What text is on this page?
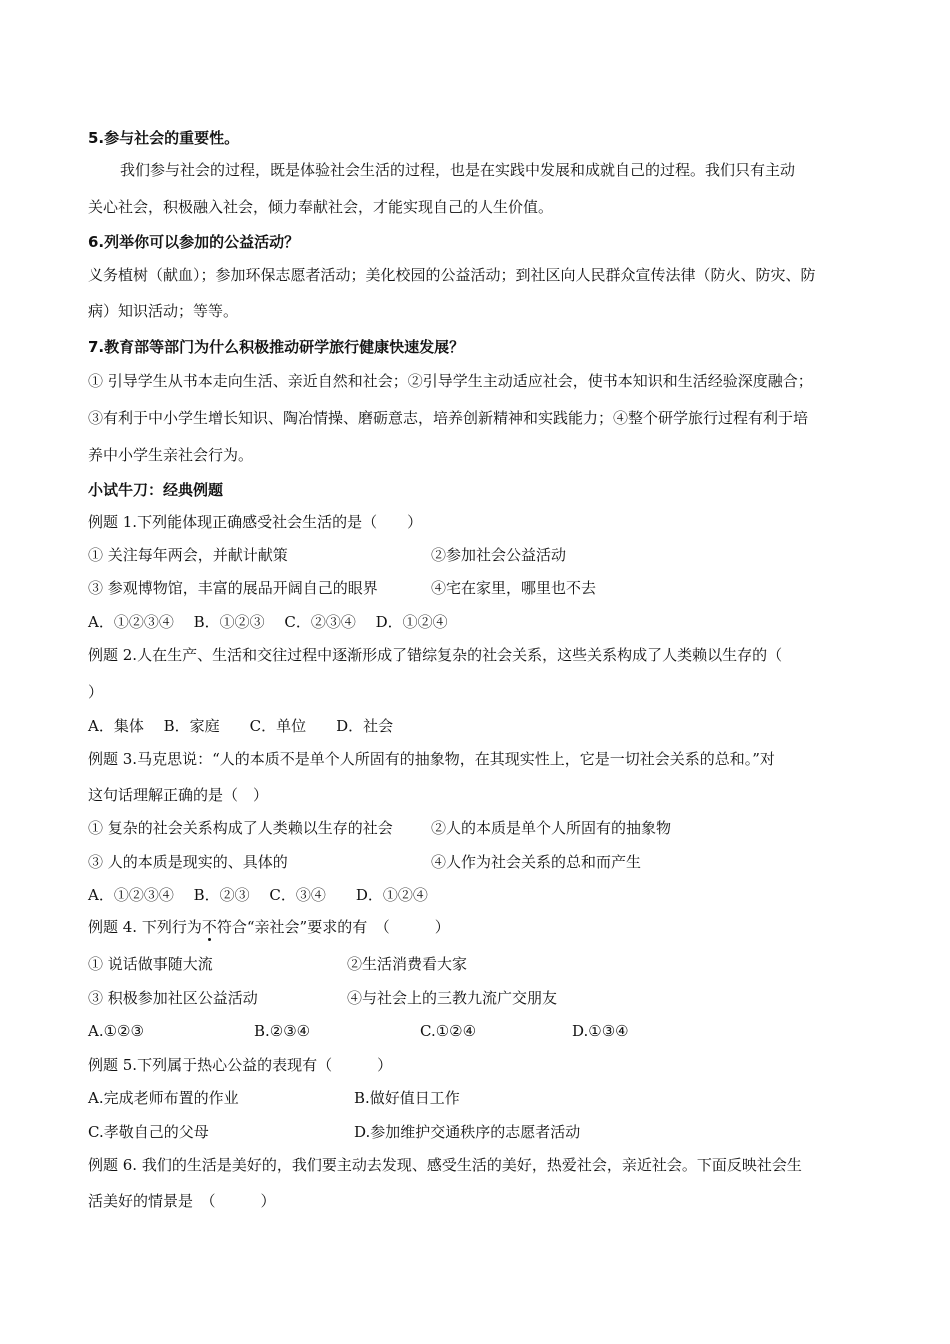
5.参与社会的重要性。
我们参与社会的过程，既是体验社会生活的过程，也是在实践中发展和成就自己的过程。我们只有主动
关心社会，积极融入社会，倾力奉献社会，才能实现自己的人生价值。
6.列举你可以参加的公益活动？
义务植树（献血）；参加环保志愿者活动；美化校园的公益活动；到社区向人民群众宣传法律（防火、防灾、防
病）知识活动；等等。
7.教育部等部门为什么积极推动研学旅行健康快速发展？
① 引导学生从书本走向生活、亲近自然和社会；②引导学生主动适应社会，使书本知识和生活经验深度融合；
③有利于中小学生增长知识、陶冶情操、磨砺意志，培养创新精神和实践能力；④整个研学旅行过程有利于培
养中小学生亲社会行为。
小试牛刀：经典例题
例题 1.下列能体现正确感受社会生活的是（　　）
① 关注每年两会，并献计献策	②参加社会公益活动
③ 参观博物馆，丰富的展品开阔自己的眼界	④宅在家里，哪里也不去
A．①②③④　 B．①②③　 C．②③④　 D．①②④
例题 2.人在生产、生活和交往过程中逐渐形成了错综复杂的社会关系，这些关系构成了人类赖以生存的（
）
A．集体　 B．家庭　　C．单位　　D．社会
例题 3.马克思说：“人的本质不是单个人所固有的抽象物，在其现实性上，它是一切社会关系的总和。”对
这句话理解正确的是（　）
① 复杂的社会关系构成了人类赖以生存的社会	②人的本质是单个人所固有的抽象物
③ 人的本质是现实的、具体的	④人作为社会关系的总和而产生
A．①②③④　 B．②③　 C．③④　　D．①②④
例题 4. 下列行为不符合“亲社会”要求的有　（　　　）
① 说话做事随大流	②生活消费看大家
③ 积极参加社区公益活动	④与社会上的三教九流广交朋友
A.①②③	B.②③④	C.①②④	D.①③④
例题 5.下列属于热心公益的表现有（　　　）
A.完成老师布置的作业	B.做好值日工作
C.孝敬自己的父母	D.参加维护交通秩序的志愿者活动
例题 6. 我们的生活是美好的，我们要主动去发现、感受生活的美好，热爱社会，亲近社会。下面反映社会生
活美好的情景是　（　　　）
